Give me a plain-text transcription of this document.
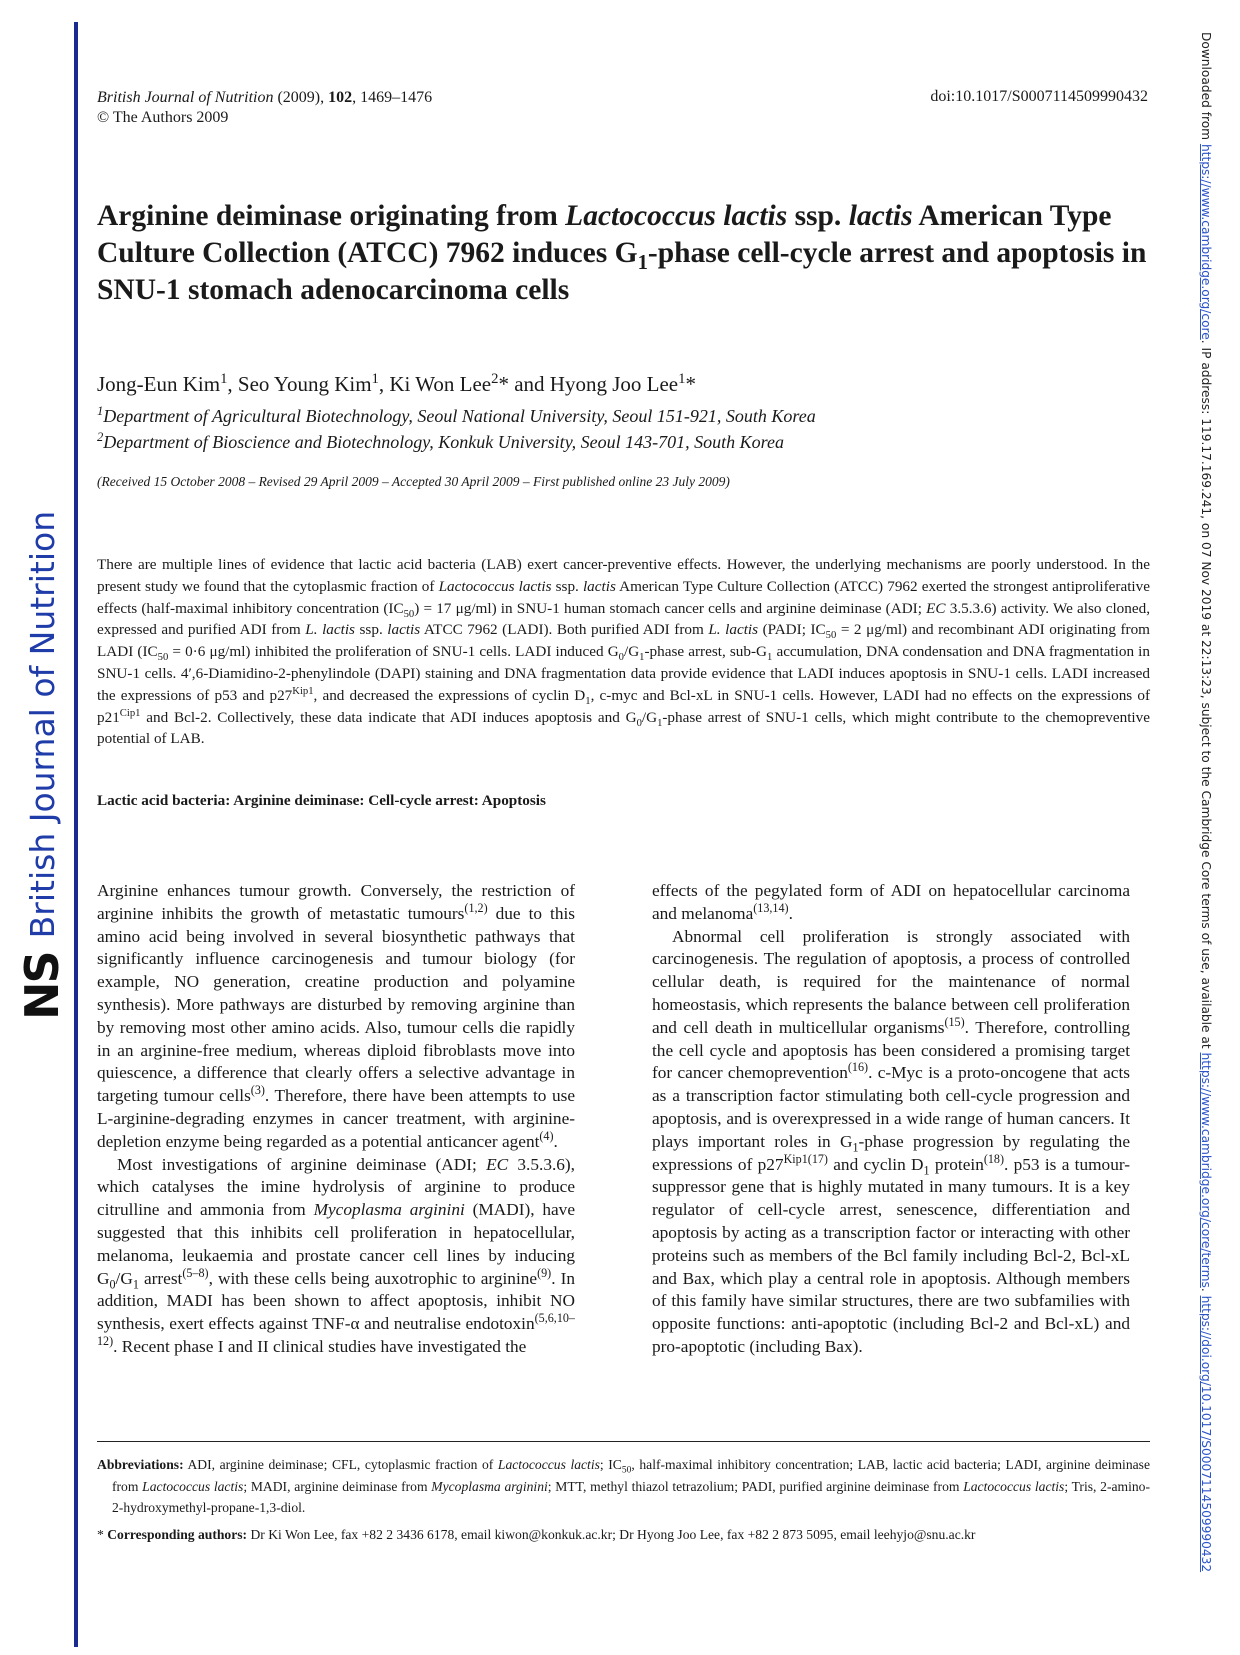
NS
British Journal of Nutrition
Downloaded from https://www.cambridge.org/core. IP address: 119.17.169.241, on 07 Nov 2019 at 22:13:23, subject to the Cambridge Core terms of use, available at https://www.cambridge.org/core/terms. https://doi.org/10.1017/S0007114509990432
British Journal of Nutrition (2009), 102, 1469–1476
© The Authors 2009
doi:10.1017/S0007114509990432
Arginine deiminase originating from Lactococcus lactis ssp. lactis American Type Culture Collection (ATCC) 7962 induces $G_1$-phase cell-cycle arrest and apoptosis in SNU-1 stomach adenocarcinoma cells
Jong-Eun Kim$^1$, Seo Young Kim$^1$, Ki Won Lee$^2$* and Hyong Joo Lee$^1$*
$^1$Department of Agricultural Biotechnology, Seoul National University, Seoul 151-921, South Korea
$^2$Department of Bioscience and Biotechnology, Konkuk University, Seoul 143-701, South Korea
(Received 15 October 2008 – Revised 29 April 2009 – Accepted 30 April 2009 – First published online 23 July 2009)

There are multiple lines of evidence that lactic acid bacteria (LAB) exert cancer-preventive effects. However, the underlying mechanisms are poorly understood. In the present study we found that the cytoplasmic fraction of Lactococcus lactis ssp. lactis American Type Culture Collection (ATCC) 7962 exerted the strongest antiproliferative effects (half-maximal inhibitory concentration $(IC_{50}) = 17$ μg/ml) in SNU-1 human stomach cancer cells and arginine deiminase (ADI; EC 3.5.3.6) activity. We also cloned, expressed and purified ADI from L. lactis ssp. lactis ATCC 7962 (LADI). Both purified ADI from L. lactis (PADI; $IC_{50} = 2$ μg/ml) and recombinant ADI originating from LADI ($IC_{50} = 0\cdot 6$ μg/ml) inhibited the proliferation of SNU-1 cells. LADI induced $G_0/G_1$-phase arrest, sub-$G_1$ accumulation, DNA condensation and DNA fragmentation in SNU-1 cells. 4′,6-Diamidino-2-phenylindole (DAPI) staining and DNA fragmentation data provide evidence that LADI induces apoptosis in SNU-1 cells. LADI increased the expressions of p53 and $p27^{Kip1}$, and decreased the expressions of cyclin $D_1$, c-myc and Bcl-xL in SNU-1 cells. However, LADI had no effects on the expressions of $p21^{Cip1}$ and Bcl-2. Collectively, these data indicate that ADI induces apoptosis and $G_0/G_1$-phase arrest of SNU-1 cells, which might contribute to the chemopreventive potential of LAB.

Lactic acid bacteria: Arginine deiminase: Cell-cycle arrest: Apoptosis

Arginine enhances tumour growth. Conversely, the restriction of arginine inhibits the growth of metastatic tumours$^{(1,2)}$ due to this amino acid being involved in several biosynthetic pathways that significantly influence carcinogenesis and tumour biology (for example, NO generation, creatine production and polyamine synthesis). More pathways are disturbed by removing arginine than by removing most other amino acids. Also, tumour cells die rapidly in an arginine-free medium, whereas diploid fibroblasts move into quiescence, a difference that clearly offers a selective advantage in targeting tumour cells$^{(3)}$. Therefore, there have been attempts to use L-arginine-degrading enzymes in cancer treatment, with arginine-depletion enzyme being regarded as a potential anticancer agent$^{(4)}$.

Most investigations of arginine deiminase (ADI; EC 3.5.3.6), which catalyses the imine hydrolysis of arginine to produce citrulline and ammonia from Mycoplasma arginini (MADI), have suggested that this inhibits cell proliferation in hepatocellular, melanoma, leukaemia and prostate cancer cell lines by inducing $G_0/G_1$ arrest$^{(5-8)}$, with these cells being auxotrophic to arginine$^{(9)}$. In addition, MADI has been shown to affect apoptosis, inhibit NO synthesis, exert effects against TNF-α and neutralise endotoxin$^{(5,6,10-12)}$. Recent phase I and II clinical studies have investigated the

effects of the pegylated form of ADI on hepatocellular carcinoma and melanoma$^{(13,14)}$.

Abnormal cell proliferation is strongly associated with carcinogenesis. The regulation of apoptosis, a process of controlled cellular death, is required for the maintenance of normal homeostasis, which represents the balance between cell proliferation and cell death in multicellular organisms$^{(15)}$. Therefore, controlling the cell cycle and apoptosis has been considered a promising target for cancer chemoprevention$^{(16)}$. c-Myc is a proto-oncogene that acts as a transcription factor stimulating both cell-cycle progression and apoptosis, and is overexpressed in a wide range of human cancers. It plays important roles in $G_1$-phase progression by regulating the expressions of $p27^{Kip1(17)}$ and cyclin $D_1$ protein$^{(18)}$. p53 is a tumour-suppressor gene that is highly mutated in many tumours. It is a key regulator of cell-cycle arrest, senescence, differentiation and apoptosis by acting as a transcription factor or interacting with other proteins such as members of the Bcl family including Bcl-2, Bcl-xL and Bax, which play a central role in apoptosis. Although members of this family have similar structures, there are two subfamilies with opposite functions: anti-apoptotic (including Bcl-2 and Bcl-xL) and pro-apoptotic (including Bax).

Abbreviations: ADI, arginine deiminase; CFL, cytoplasmic fraction of Lactococcus lactis; $IC_{50}$, half-maximal inhibitory concentration; LAB, lactic acid bacteria; LADI, arginine deiminase from Lactococcus lactis; MADI, arginine deiminase from Mycoplasma arginini; MTT, methyl thiazol tetrazolium; PADI, purified arginine deiminase from Lactococcus lactis; Tris, 2-amino-2-hydroxymethyl-propane-1,3-diol.

* Corresponding authors: Dr Ki Won Lee, fax +82 2 3436 6178, email kiwon@konkuk.ac.kr; Dr Hyong Joo Lee, fax +82 2 873 5095, email leehyjo@snu.ac.kr
